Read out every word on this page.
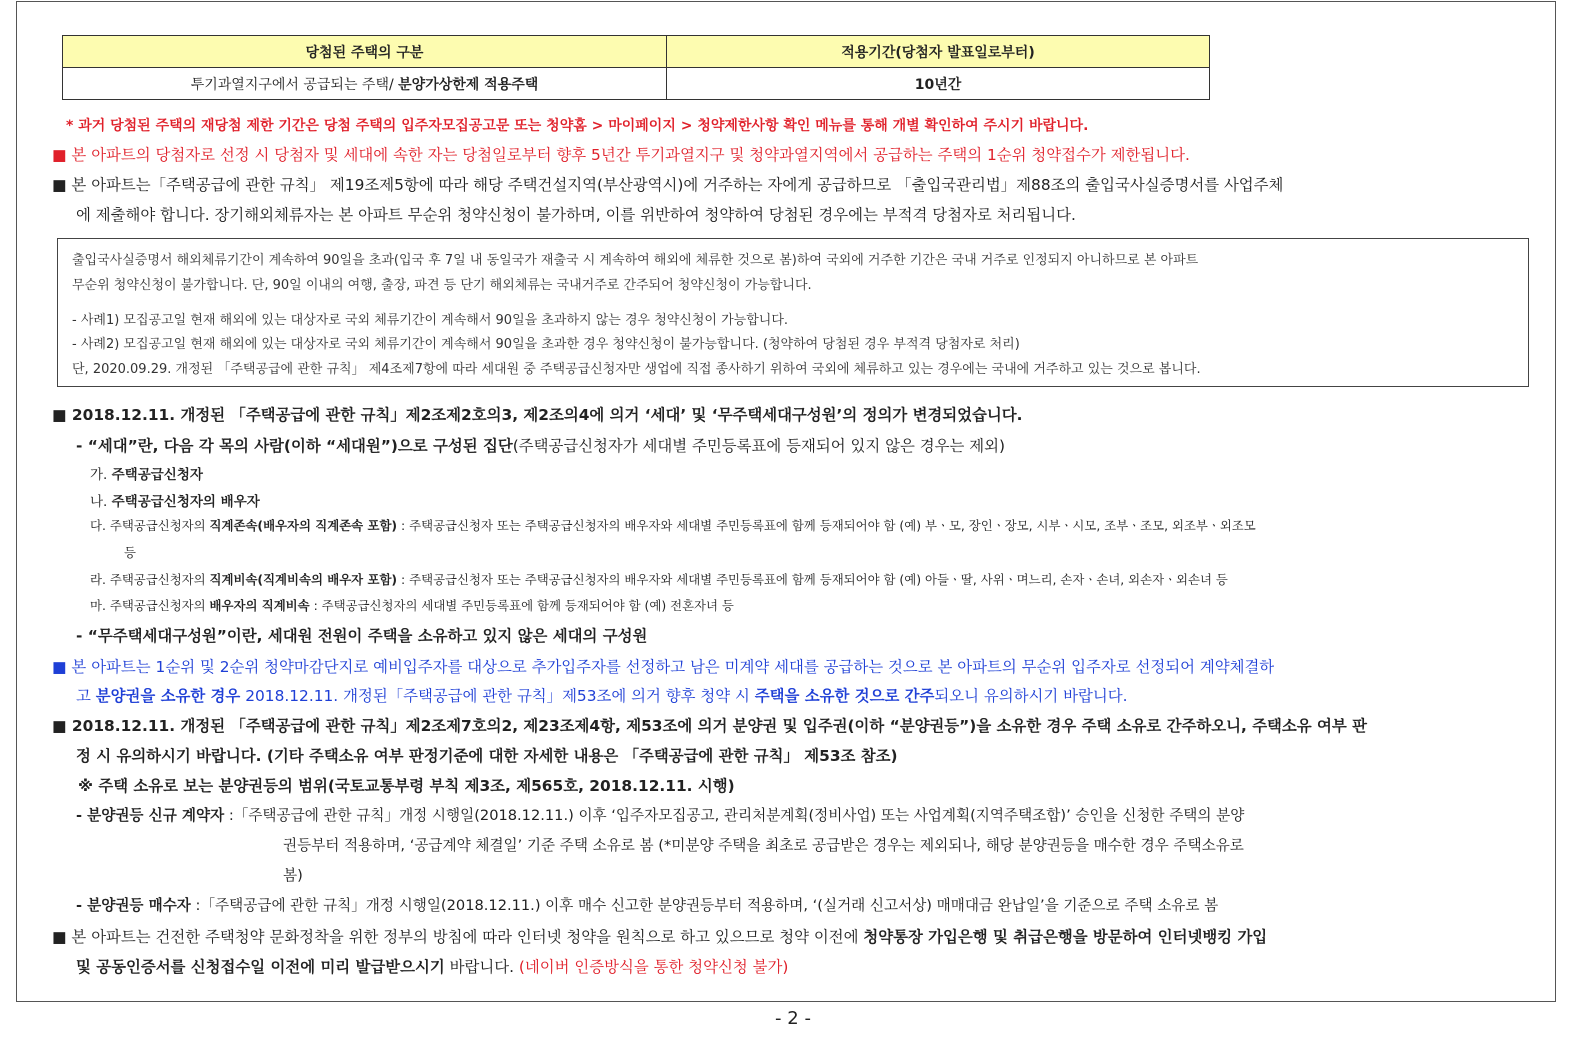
당첨된 주택의 구분	적용기간(당첨자 발표일로부터)
투기과열지구에서 공급되는 주택/ 분양가상한제 적용주택	10년간
* 과거 당첨된 주택의 재당첨 제한 기간은 당첨 주택의 입주자모집공고문 또는 청약홈 > 마이페이지 > 청약제한사항 확인 메뉴를 통해 개별 확인하여 주시기 바랍니다.
■ 본 아파트의 당첨자로 선정 시 당첨자 및 세대에 속한 자는 당첨일로부터 향후 5년간 투기과열지구 및 청약과열지역에서 공급하는 주택의 1순위 청약접수가 제한됩니다.
■ 본 아파트는「주택공급에 관한 규칙」 제19조제5항에 따라 해당 주택건설지역(부산광역시)에 거주하는 자에게 공급하므로 「출입국관리법」제88조의 출입국사실증명서를 사업주체
에 제출해야 합니다. 장기해외체류자는 본 아파트 무순위 청약신청이 불가하며, 이를 위반하여 청약하여 당첨된 경우에는 부적격 당첨자로 처리됩니다.
출입국사실증명서 해외체류기간이 계속하여 90일을 초과(입국 후 7일 내 동일국가 재출국 시 계속하여 해외에 체류한 것으로 봄)하여 국외에 거주한 기간은 국내 거주로 인정되지 아니하므로 본 아파트
무순위 청약신청이 불가합니다. 단, 90일 이내의 여행, 출장, 파견 등 단기 해외체류는 국내거주로 간주되어 청약신청이 가능합니다.
- 사례1) 모집공고일 현재 해외에 있는 대상자로 국외 체류기간이 계속해서 90일을 초과하지 않는 경우 청약신청이 가능합니다.
- 사례2) 모집공고일 현재 해외에 있는 대상자로 국외 체류기간이 계속해서 90일을 초과한 경우 청약신청이 불가능합니다. (청약하여 당첨된 경우 부적격 당첨자로 처리)
단, 2020.09.29. 개정된 「주택공급에 관한 규칙」 제4조제7항에 따라 세대원 중 주택공급신청자만 생업에 직접 종사하기 위하여 국외에 체류하고 있는 경우에는 국내에 거주하고 있는 것으로 봅니다.
■ 2018.12.11. 개정된 「주택공급에 관한 규칙」제2조제2호의3, 제2조의4에 의거 ‘세대’ 및 ‘무주택세대구성원’의 정의가 변경되었습니다.
- “세대”란, 다음 각 목의 사람(이하 “세대원”)으로 구성된 집단(주택공급신청자가 세대별 주민등록표에 등재되어 있지 않은 경우는 제외)
가. 주택공급신청자
나. 주택공급신청자의 배우자
다. 주택공급신청자의 직계존속(배우자의 직계존속 포함) : 주택공급신청자 또는 주택공급신청자의 배우자와 세대별 주민등록표에 함께 등재되어야 함 (예) 부ㆍ모, 장인ㆍ장모, 시부ㆍ시모, 조부ㆍ조모, 외조부ㆍ외조모
등
라. 주택공급신청자의 직계비속(직계비속의 배우자 포함) : 주택공급신청자 또는 주택공급신청자의 배우자와 세대별 주민등록표에 함께 등재되어야 함 (예) 아들ㆍ딸, 사위ㆍ며느리, 손자ㆍ손녀, 외손자ㆍ외손녀 등
마. 주택공급신청자의 배우자의 직계비속 : 주택공급신청자의 세대별 주민등록표에 함께 등재되어야 함 (예) 전혼자녀 등
- “무주택세대구성원”이란, 세대원 전원이 주택을 소유하고 있지 않은 세대의 구성원
■ 본 아파트는 1순위 및 2순위 청약마감단지로 예비입주자를 대상으로 추가입주자를 선정하고 남은 미계약 세대를 공급하는 것으로 본 아파트의 무순위 입주자로 선정되어 계약체결하
고 분양권을 소유한 경우 2018.12.11. 개정된「주택공급에 관한 규칙」제53조에 의거 향후 청약 시 주택을 소유한 것으로 간주되오니 유의하시기 바랍니다.
■ 2018.12.11. 개정된 「주택공급에 관한 규칙」제2조제7호의2, 제23조제4항, 제53조에 의거 분양권 및 입주권(이하 “분양권등”)을 소유한 경우 주택 소유로 간주하오니, 주택소유 여부 판
정 시 유의하시기 바랍니다. (기타 주택소유 여부 판정기준에 대한 자세한 내용은 「주택공급에 관한 규칙」 제53조 참조)
※ 주택 소유로 보는 분양권등의 범위(국토교통부령 부칙 제3조, 제565호, 2018.12.11. 시행)
- 분양권등 신규 계약자 :「주택공급에 관한 규칙」개정 시행일(2018.12.11.) 이후 ‘입주자모집공고, 관리처분계획(정비사업) 또는 사업계획(지역주택조합)’ 승인을 신청한 주택의 분양
권등부터 적용하며, ‘공급계약 체결일’ 기준 주택 소유로 봄 (*미분양 주택을 최초로 공급받은 경우는 제외되나, 해당 분양권등을 매수한 경우 주택소유로
봄)
- 분양권등 매수자 :「주택공급에 관한 규칙」개정 시행일(2018.12.11.) 이후 매수 신고한 분양권등부터 적용하며, ‘(실거래 신고서상) 매매대금 완납일’을 기준으로 주택 소유로 봄
■ 본 아파트는 건전한 주택청약 문화정착을 위한 정부의 방침에 따라 인터넷 청약을 원칙으로 하고 있으므로 청약 이전에 청약통장 가입은행 및 취급은행을 방문하여 인터넷뱅킹 가입
및 공동인증서를 신청접수일 이전에 미리 발급받으시기 바랍니다. (네이버 인증방식을 통한 청약신청 불가)
- 2 -
